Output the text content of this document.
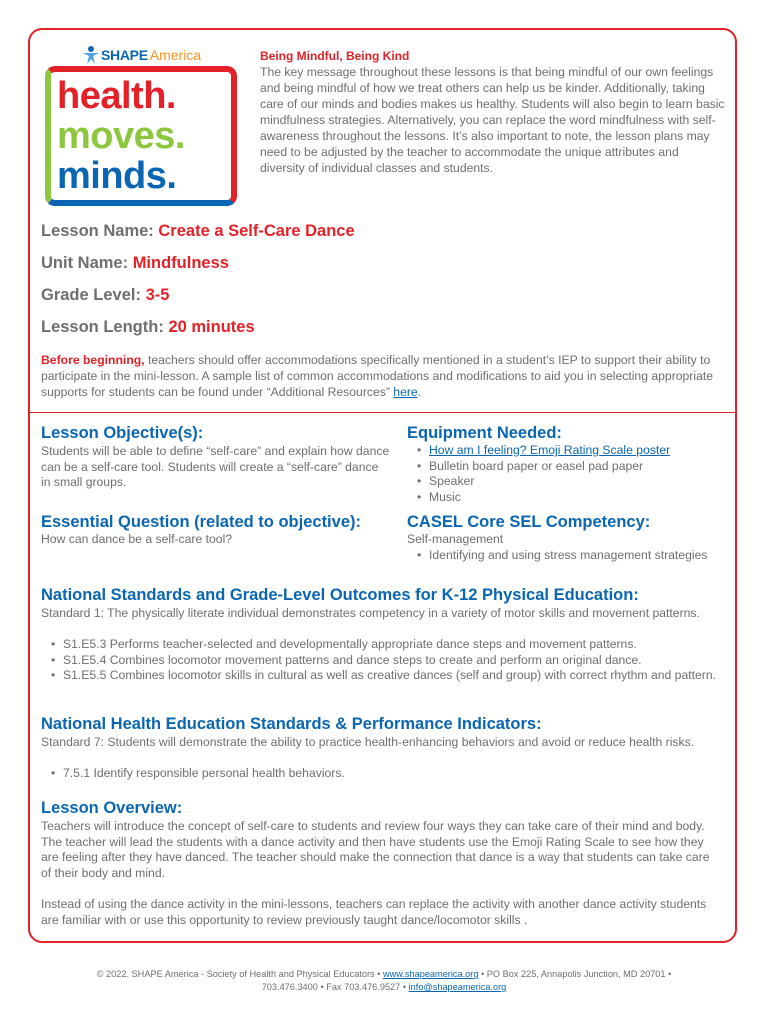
SHAPE America
health.
moves.
minds.
Being Mindful, Being Kind
The key message throughout these lessons is that being mindful of our own feelings and being mindful of how we treat others can help us be kinder. Additionally, taking care of our minds and bodies makes us healthy. Students will also begin to learn basic mindfulness strategies. Alternatively, you can replace the word mindfulness with self-awareness throughout the lessons. It’s also important to note, the lesson plans may need to be adjusted by the teacher to accommodate the unique attributes and diversity of individual classes and students.
Lesson Name: Create a Self-Care Dance
Unit Name: Mindfulness
Grade Level: 3-5
Lesson Length: 20 minutes
Before beginning, teachers should offer accommodations specifically mentioned in a student’s IEP to support their ability to participate in the mini-lesson. A sample list of common accommodations and modifications to aid you in selecting appropriate supports for students can be found under “Additional Resources” here.
Lesson Objective(s):
Students will be able to define “self-care” and explain how dance can be a self-care tool. Students will create a “self-care” dance in small groups.
Equipment Needed:
• How am I feeling? Emoji Rating Scale poster
• Bulletin board paper or easel pad paper
• Speaker
• Music
Essential Question (related to objective):
How can dance be a self-care tool?
CASEL Core SEL Competency:
Self-management
• Identifying and using stress management strategies
National Standards and Grade-Level Outcomes for K-12 Physical Education:
Standard 1: The physically literate individual demonstrates competency in a variety of motor skills and movement patterns.
• S1.E5.3 Performs teacher-selected and developmentally appropriate dance steps and movement patterns.
• S1.E5.4 Combines locomotor movement patterns and dance steps to create and perform an original dance.
• S1.E5.5 Combines locomotor skills in cultural as well as creative dances (self and group) with correct rhythm and pattern.
National Health Education Standards & Performance Indicators:
Standard 7: Students will demonstrate the ability to practice health-enhancing behaviors and avoid or reduce health risks.
• 7.5.1 Identify responsible personal health behaviors.
Lesson Overview:
Teachers will introduce the concept of self-care to students and review four ways they can take care of their mind and body. The teacher will lead the students with a dance activity and then have students use the Emoji Rating Scale to see how they are feeling after they have danced. The teacher should make the connection that dance is a way that students can take care of their body and mind.
Instead of using the dance activity in the mini-lessons, teachers can replace the activity with another dance activity students are familiar with or use this opportunity to review previously taught dance/locomotor skills .
© 2022. SHAPE America - Society of Health and Physical Educators • www.shapeamerica.org • PO Box 225, Annapolis Junction, MD 20701 •
703.476.3400 • Fax 703.476.9527 • info@shapeamerica.org
